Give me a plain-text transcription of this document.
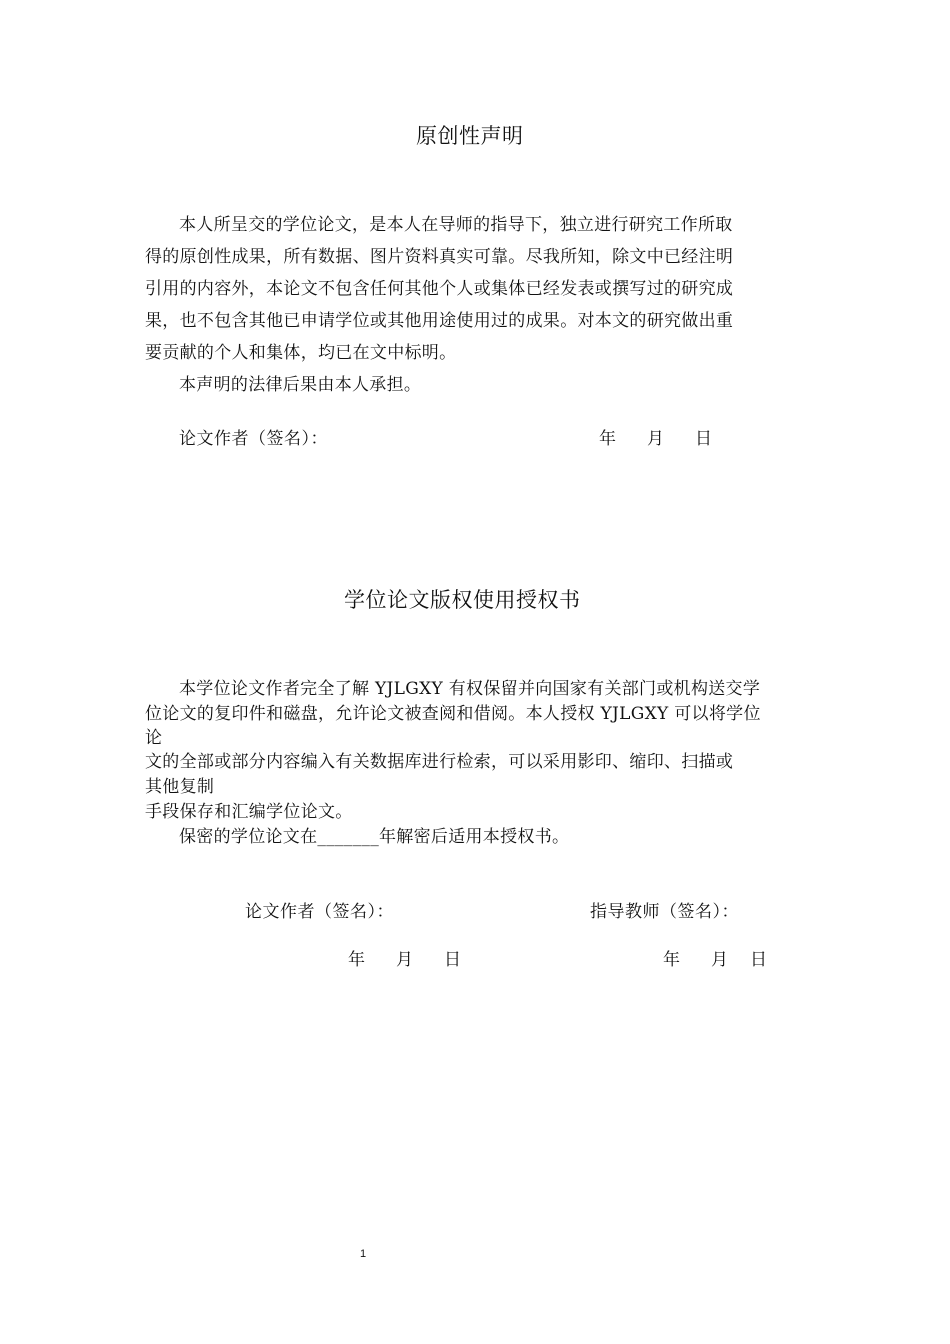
原创性声明
本人所呈交的学位论文，是本人在导师的指导下，独立进行研究工作所取
得的原创性成果，所有数据、图片资料真实可靠。尽我所知，除文中已经注明
引用的内容外，本论文不包含任何其他个人或集体已经发表或撰写过的研究成
果，也不包含其他已申请学位或其他用途使用过的成果。对本文的研究做出重
要贡献的个人和集体，均已在文中标明。
本声明的法律后果由本人承担。
论文作者（签名）：	年 月 日
学位论文版权使用授权书
本学位论文作者完全了解 YJLGXY 有权保留并向国家有关部门或机构送交学
位论文的复印件和磁盘，允许论文被查阅和借阅。本人授权 YJLGXY 可以将学位
论
文的全部或部分内容编入有关数据库进行检索，可以采用影印、缩印、扫描或
其他复制
手段保存和汇编学位论文。
保密的学位论文在_______年解密后适用本授权书。
论文作者（签名）：	指导教师（签名）：
年 月 日	年 月 日
1
